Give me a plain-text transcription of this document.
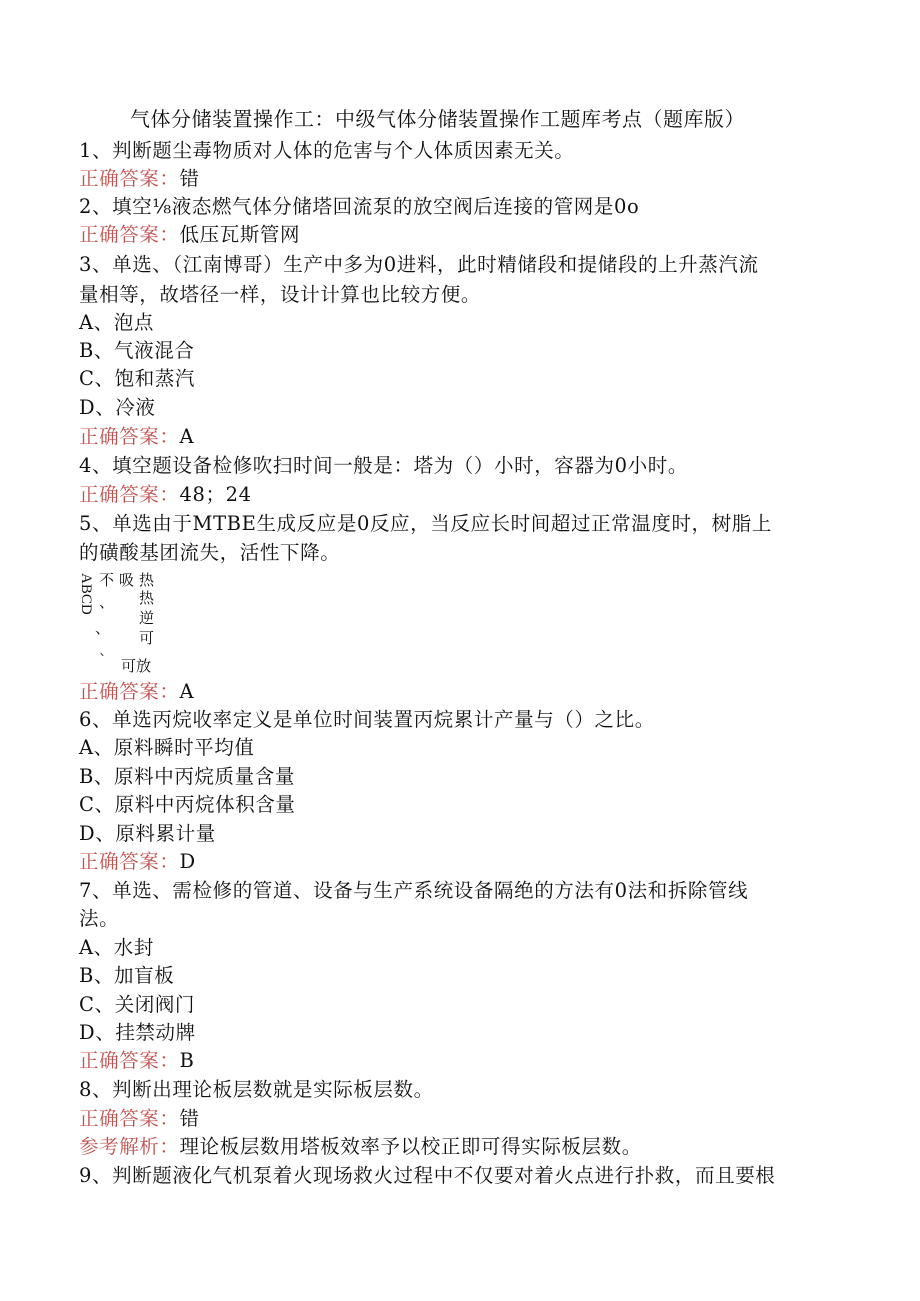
气体分储装置操作工：中级气体分储装置操作工题库考点（题库版）
1、判断题尘毒物质对人体的危害与个人体质因素无关。
正确答案：错
2、填空⅛液态燃气体分储塔回流泵的放空阀后连接的管网是0o
正确答案：低压瓦斯管网
3、单选、（江南博哥）生产中多为0进料，此时精储段和提储段的上升蒸汽流
量相等，故塔径一样，设计计算也比较方便。
A、泡点
B、气液混合
C、饱和蒸汽
D、冷液
正确答案：A
4、填空题设备检修吹扫时间一般是：塔为（）小时，容器为0小时。
正确答案：48；24
5、单选由于MTBE生成反应是0反应，当反应长时间超过正常温度时，树脂上
的磺酸基团流失，活性下降。
ABCD 不 吸 热
、 热
逆
、
可
` 可放
正确答案：A
6、单选丙烷收率定义是单位时间装置丙烷累计产量与（）之比。
A、原料瞬时平均值
B、原料中丙烷质量含量
C、原料中丙烷体积含量
D、原料累计量
正确答案：D
7、单选、需检修的管道、设备与生产系统设备隔绝的方法有0法和拆除管线
法。
A、水封
B、加盲板
C、关闭阀门
D、挂禁动牌
正确答案：B
8、判断出理论板层数就是实际板层数。
正确答案：错
参考解析：理论板层数用塔板效率予以校正即可得实际板层数。
9、判断题液化气机泵着火现场救火过程中不仅要对着火点进行扑救，而且要根
